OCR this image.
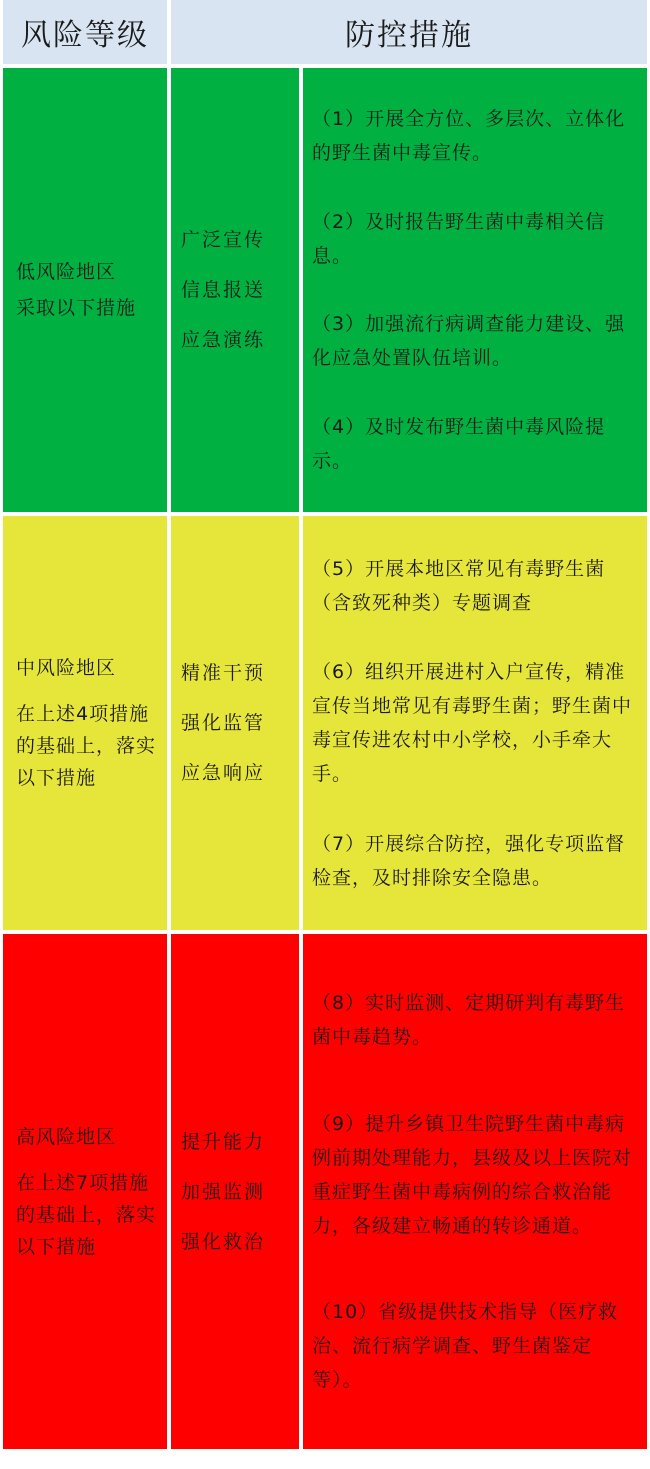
风险等级	防控措施
低风险地区
采取以下措施
广泛宣传
信息报送
应急演练
（1）开展全方位、多层次、立体化的野生菌中毒宣传。
（2）及时报告野生菌中毒相关信息。
（3）加强流行病调查能力建设、强化应急处置队伍培训。
（4）及时发布野生菌中毒风险提示。
中风险地区
在上述4项措施的基础上，落实以下措施
精准干预
强化监管
应急响应
（5）开展本地区常见有毒野生菌（含致死种类）专题调查
（6）组织开展进村入户宣传，精准宣传当地常见有毒野生菌；野生菌中毒宣传进农村中小学校，小手牵大手。
（7）开展综合防控，强化专项监督检查，及时排除安全隐患。
高风险地区
在上述7项措施的基础上，落实以下措施
提升能力
加强监测
强化救治
（8）实时监测、定期研判有毒野生菌中毒趋势。
（9）提升乡镇卫生院野生菌中毒病例前期处理能力，县级及以上医院对重症野生菌中毒病例的综合救治能力，各级建立畅通的转诊通道。
（10）省级提供技术指导（医疗救治、流行病学调查、野生菌鉴定等）。
